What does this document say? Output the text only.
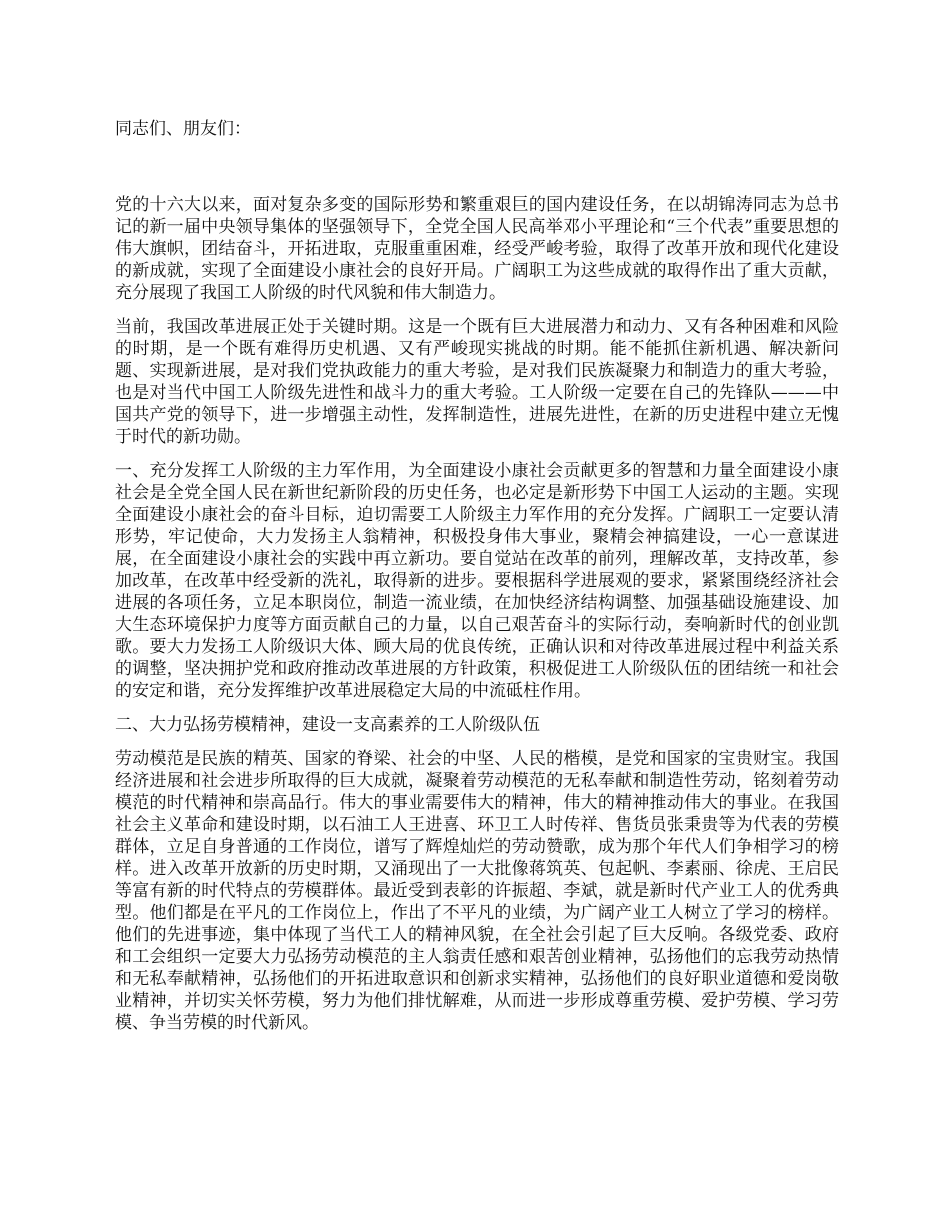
同志们、朋友们：

党的十六大以来，面对复杂多变的国际形势和繁重艰巨的国内建设任务，在以胡锦涛同志为总书记的新一届中央领导集体的坚强领导下，全党全国人民高举邓小平理论和“三个代表”重要思想的伟大旗帜，团结奋斗，开拓进取，克服重重困难，经受严峻考验，取得了改革开放和现代化建设的新成就，实现了全面建设小康社会的良好开局。广阔职工为这些成就的取得作出了重大贡献，充分展现了我国工人阶级的时代风貌和伟大制造力。

当前，我国改革进展正处于关键时期。这是一个既有巨大进展潜力和动力、又有各种困难和风险的时期，是一个既有难得历史机遇、又有严峻现实挑战的时期。能不能抓住新机遇、解决新问题、实现新进展，是对我们党执政能力的重大考验，是对我们民族凝聚力和制造力的重大考验，也是对当代中国工人阶级先进性和战斗力的重大考验。工人阶级一定要在自己的先锋队———中国共产党的领导下，进一步增强主动性，发挥制造性，进展先进性，在新的历史进程中建立无愧于时代的新功勋。

一、充分发挥工人阶级的主力军作用，为全面建设小康社会贡献更多的智慧和力量全面建设小康社会是全党全国人民在新世纪新阶段的历史任务，也必定是新形势下中国工人运动的主题。实现全面建设小康社会的奋斗目标，迫切需要工人阶级主力军作用的充分发挥。广阔职工一定要认清形势，牢记使命，大力发扬主人翁精神，积极投身伟大事业，聚精会神搞建设，一心一意谋进展，在全面建设小康社会的实践中再立新功。要自觉站在改革的前列，理解改革，支持改革，参加改革，在改革中经受新的洗礼，取得新的进步。要根据科学进展观的要求，紧紧围绕经济社会进展的各项任务，立足本职岗位，制造一流业绩，在加快经济结构调整、加强基础设施建设、加大生态环境保护力度等方面贡献自己的力量，以自己艰苦奋斗的实际行动，奏响新时代的创业凯歌。要大力发扬工人阶级识大体、顾大局的优良传统，正确认识和对待改革进展过程中利益关系的调整，坚决拥护党和政府推动改革进展的方针政策，积极促进工人阶级队伍的团结统一和社会的安定和谐，充分发挥维护改革进展稳定大局的中流砥柱作用。

二、大力弘扬劳模精神，建设一支高素养的工人阶级队伍

劳动模范是民族的精英、国家的脊梁、社会的中坚、人民的楷模，是党和国家的宝贵财宝。我国经济进展和社会进步所取得的巨大成就，凝聚着劳动模范的无私奉献和制造性劳动，铭刻着劳动模范的时代精神和崇高品行。伟大的事业需要伟大的精神，伟大的精神推动伟大的事业。在我国社会主义革命和建设时期，以石油工人王进喜、环卫工人时传祥、售货员张秉贵等为代表的劳模群体，立足自身普通的工作岗位，谱写了辉煌灿烂的劳动赞歌，成为那个年代人们争相学习的榜样。进入改革开放新的历史时期，又涌现出了一大批像蒋筑英、包起帆、李素丽、徐虎、王启民等富有新的时代特点的劳模群体。最近受到表彰的许振超、李斌，就是新时代产业工人的优秀典型。他们都是在平凡的工作岗位上，作出了不平凡的业绩，为广阔产业工人树立了学习的榜样。他们的先进事迹，集中体现了当代工人的精神风貌，在全社会引起了巨大反响。各级党委、政府和工会组织一定要大力弘扬劳动模范的主人翁责任感和艰苦创业精神，弘扬他们的忘我劳动热情和无私奉献精神，弘扬他们的开拓进取意识和创新求实精神，弘扬他们的良好职业道德和爱岗敬业精神，并切实关怀劳模，努力为他们排忧解难，从而进一步形成尊重劳模、爱护劳模、学习劳模、争当劳模的时代新风。
